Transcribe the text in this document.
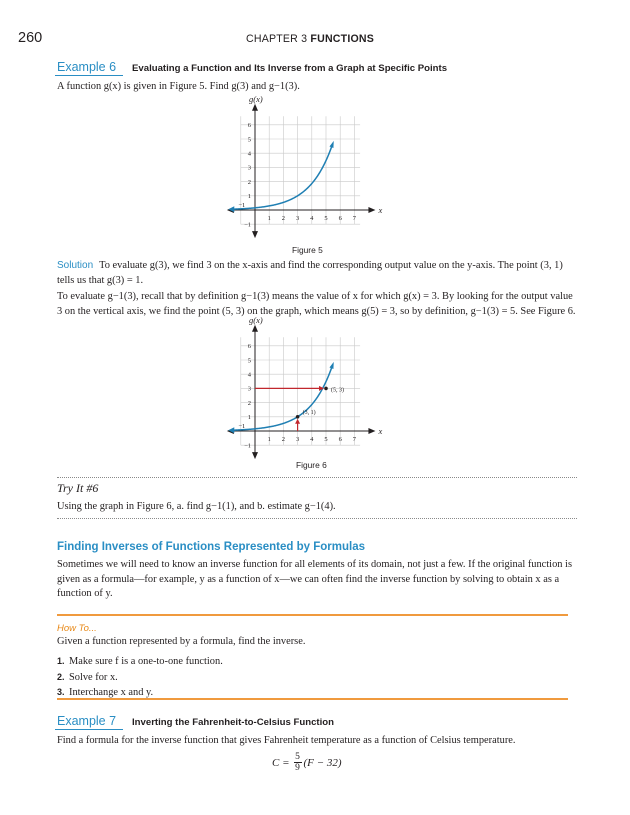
260	CHAPTER 3 FUNCTIONS
Example 6 Evaluating a Function and Its Inverse from a Graph at Specific Points
A function g(x) is given in Figure 5. Find g(3) and g−1(3).
−1
1 2 3 4 5 6 7
−1
1
2
3
4
5
6
g(x)
x
Figure 5
Solution To evaluate g(3), we find 3 on the x-axis and find the corresponding output value on the y-axis. The point (3, 1) tells us that g(3) = 1.
To evaluate g−1(3), recall that by definition g−1(3) means the value of x for which g(x) = 3. By looking for the output value 3 on the vertical axis, we find the point (5, 3) on the graph, which means g(5) = 3, so by definition, g−1(3) = 5. See Figure 6.
(5, 3)
(3, 1)
−1
1 2 3 4 5 6 7
−1
1
2
3
4
5
6
g(x)
x
Figure 6
Try It #6
Using the graph in Figure 6, a. find g−1(1), and b. estimate g−1(4).
Finding Inverses of Functions Represented by Formulas
Sometimes we will need to know an inverse function for all elements of its domain, not just a few. If the original function is given as a formula—for example, y as a function of x—we can often find the inverse function by solving to obtain x as a function of y.
How To...
Given a function represented by a formula, find the inverse.
1. Make sure f is a one-to-one function.
2. Solve for x.
3. Interchange x and y.
Example 7 Inverting the Fahrenheit-to-Celsius Function
Find a formula for the inverse function that gives Fahrenheit temperature as a function of Celsius temperature.
C = 5
9 (F − 32)
